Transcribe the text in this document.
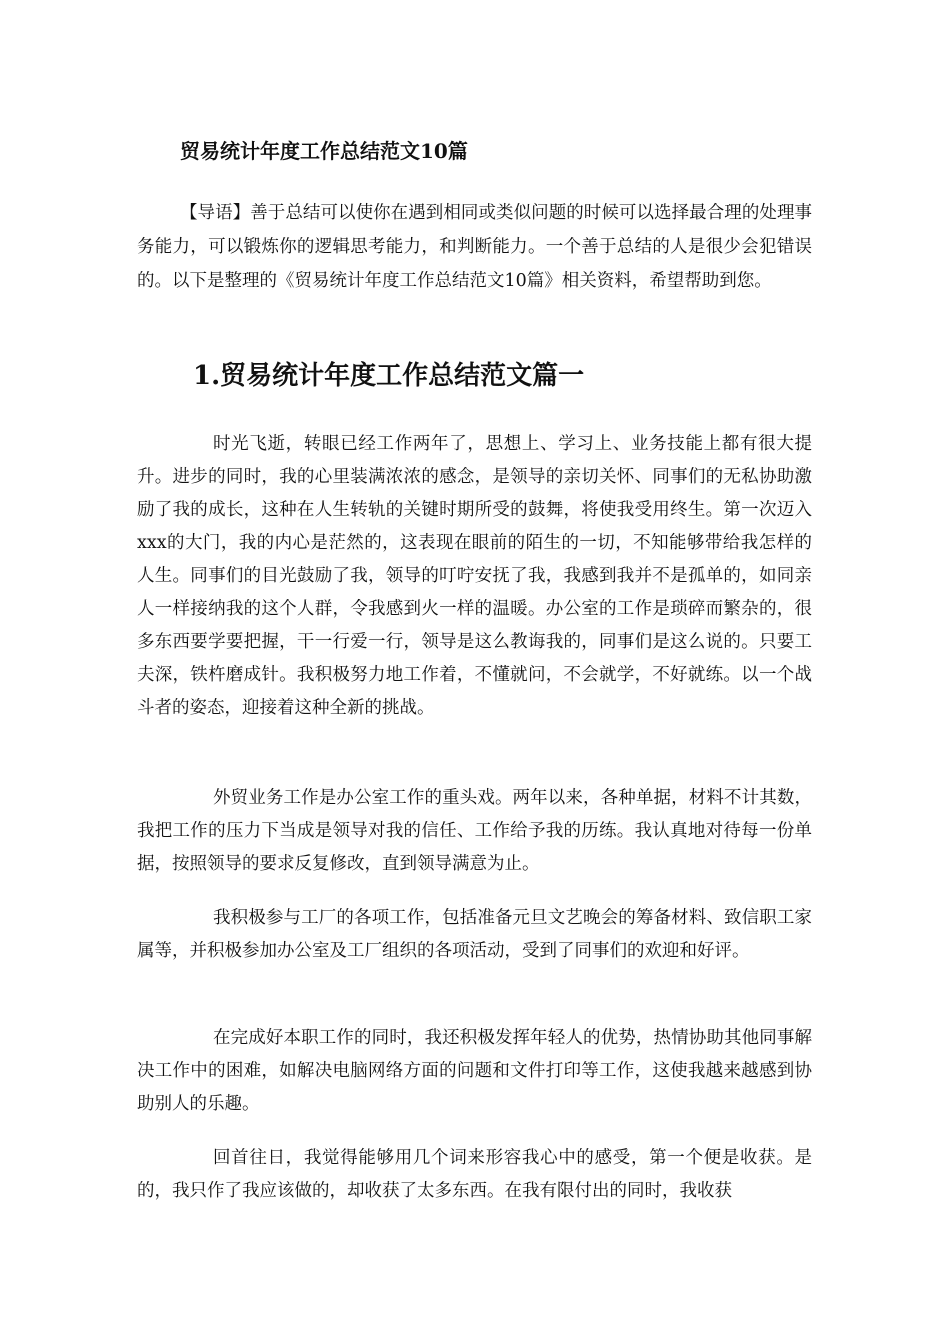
贸易统计年度工作总结范文10篇

【导语】善于总结可以使你在遇到相同或类似问题的时候可以选择最合理的处理事务能力，可以锻炼你的逻辑思考能力，和判断能力。一个善于总结的人是很少会犯错误的。以下是整理的《贸易统计年度工作总结范文10篇》相关资料，希望帮助到您。

1.贸易统计年度工作总结范文篇一

时光飞逝，转眼已经工作两年了，思想上、学习上、业务技能上都有很大提升。进步的同时，我的心里装满浓浓的感念，是领导的亲切关怀、同事们的无私协助激励了我的成长，这种在人生转轨的关键时期所受的鼓舞，将使我受用终生。第一次迈入xxx的大门，我的内心是茫然的，这表现在眼前的陌生的一切，不知能够带给我怎样的人生。同事们的目光鼓励了我，领导的叮咛安抚了我，我感到我并不是孤单的，如同亲人一样接纳我的这个人群，令我感到火一样的温暖。办公室的工作是琐碎而繁杂的，很多东西要学要把握，干一行爱一行，领导是这么教诲我的，同事们是这么说的。只要工夫深，铁杵磨成针。我积极努力地工作着，不懂就问，不会就学，不好就练。以一个战斗者的姿态，迎接着这种全新的挑战。

外贸业务工作是办公室工作的重头戏。两年以来，各种单据，材料不计其数，我把工作的压力下当成是领导对我的信任、工作给予我的历练。我认真地对待每一份单据，按照领导的要求反复修改，直到领导满意为止。

我积极参与工厂的各项工作，包括准备元旦文艺晚会的筹备材料、致信职工家属等，并积极参加办公室及工厂组织的各项活动，受到了同事们的欢迎和好评。

在完成好本职工作的同时，我还积极发挥年轻人的优势，热情协助其他同事解决工作中的困难，如解决电脑网络方面的问题和文件打印等工作，这使我越来越感到协助别人的乐趣。

回首往日，我觉得能够用几个词来形容我心中的感受，第一个便是收获。是的，我只作了我应该做的，却收获了太多东西。在我有限付出的同时，我收获
